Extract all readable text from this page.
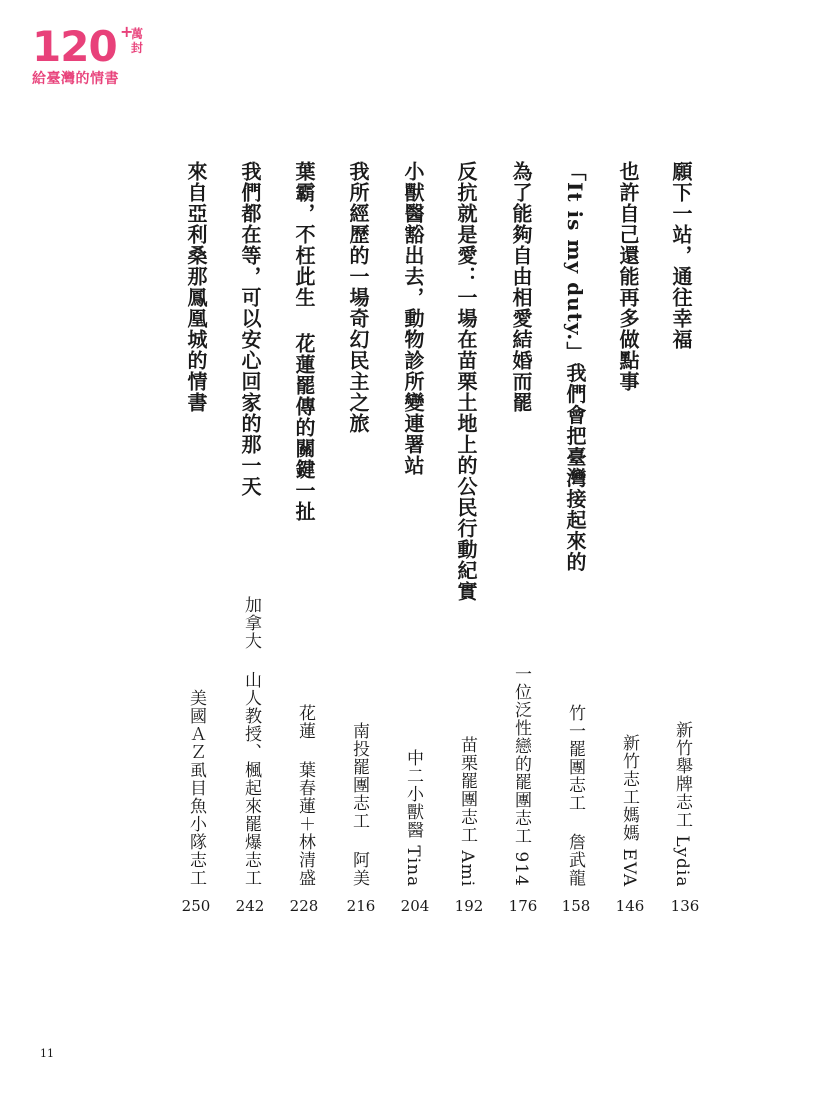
120 +
萬封
給臺灣的情書
願下一站，通往幸福
新竹舉牌志工 Lydia
136
也許自己還能再多做點事
新竹志工媽媽 EVA
146
「It is my duty.」我們會把臺灣接起來的
竹一罷團志工 詹武龍
158
為了能夠自由相愛結婚而罷
一位泛性戀的罷團志工 914
176
反抗就是愛：一場在苗栗土地上的公民行動紀實
苗栗罷團志工 Ami
192
小獸醫豁出去，動物診所變連署站
中二小獸醫 Tina
204
我所經歷的一場奇幻民主之旅
南投罷團志工 阿美
216
葉霸，不枉此生 花蓮罷傳的關鍵一扯
花蓮 葉春蓮＋林清盛
228
我們都在等，可以安心回家的那一天
加拿大 山人教授、楓起來罷爆志工
242
來自亞利桑那鳳凰城的情書
美國ＡＺ虱目魚小隊志工
250
11
